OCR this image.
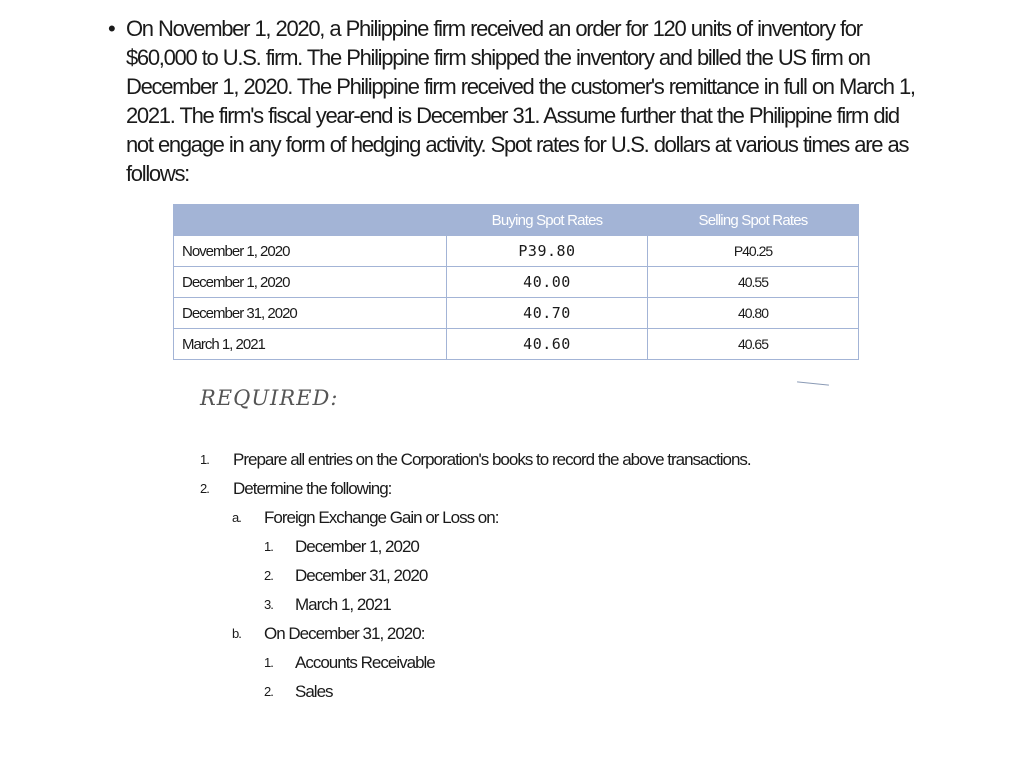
• On November 1, 2020, a Philippine firm received an order for 120 units of inventory for $60,000 to U.S. firm. The Philippine firm shipped the inventory and billed the US firm on December 1, 2020. The Philippine firm received the customer's remittance in full on March 1, 2021. The firm's fiscal year-end is December 31. Assume further that the Philippine firm did not engage in any form of hedging activity. Spot rates for U.S. dollars at various times are as follows:
	Buying Spot Rates	Selling Spot Rates
November 1, 2020	P39.80	P40.25
December 1, 2020	40.00	40.55
December 31, 2020	40.70	40.80
March 1, 2021	40.60	40.65
REQUIRED:
1. Prepare all entries on the Corporation's books to record the above transactions.
2. Determine the following:
a. Foreign Exchange Gain or Loss on:
1. December 1, 2020
2. December 31, 2020
3. March 1, 2021
b. On December 31, 2020:
1. Accounts Receivable
2. Sales
